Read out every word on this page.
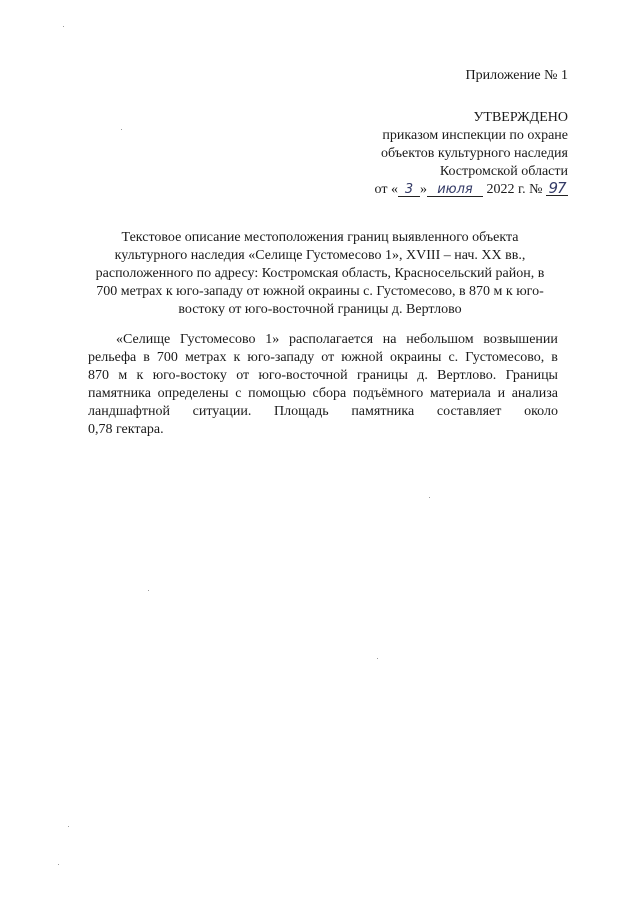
Приложение № 1
УТВЕРЖДЕНО
приказом инспекции по охране
объектов культурного наследия
Костромской области
от « 3 » июля 2022 г. № 97
Текстовое описание местоположения границ выявленного объекта
культурного наследия «Селище Густомесово 1», XVIII – нач. XX вв.,
расположенного по адресу: Костромская область, Красносельский район, в
700 метрах к юго-западу от южной окраины с. Густомесово, в 870 м к юго-
востоку от юго-восточной границы д. Вертлово
«Селище Густомесово 1» располагается на небольшом возвышении
рельефа в 700 метрах к юго-западу от южной окраины с. Густомесово, в
870 м к юго-востоку от юго-восточной границы д. Вертлово. Границы
памятника определены с помощью сбора подъёмного материала и анализа
ландшафтной ситуации. Площадь памятника составляет около
0,78 гектара.
